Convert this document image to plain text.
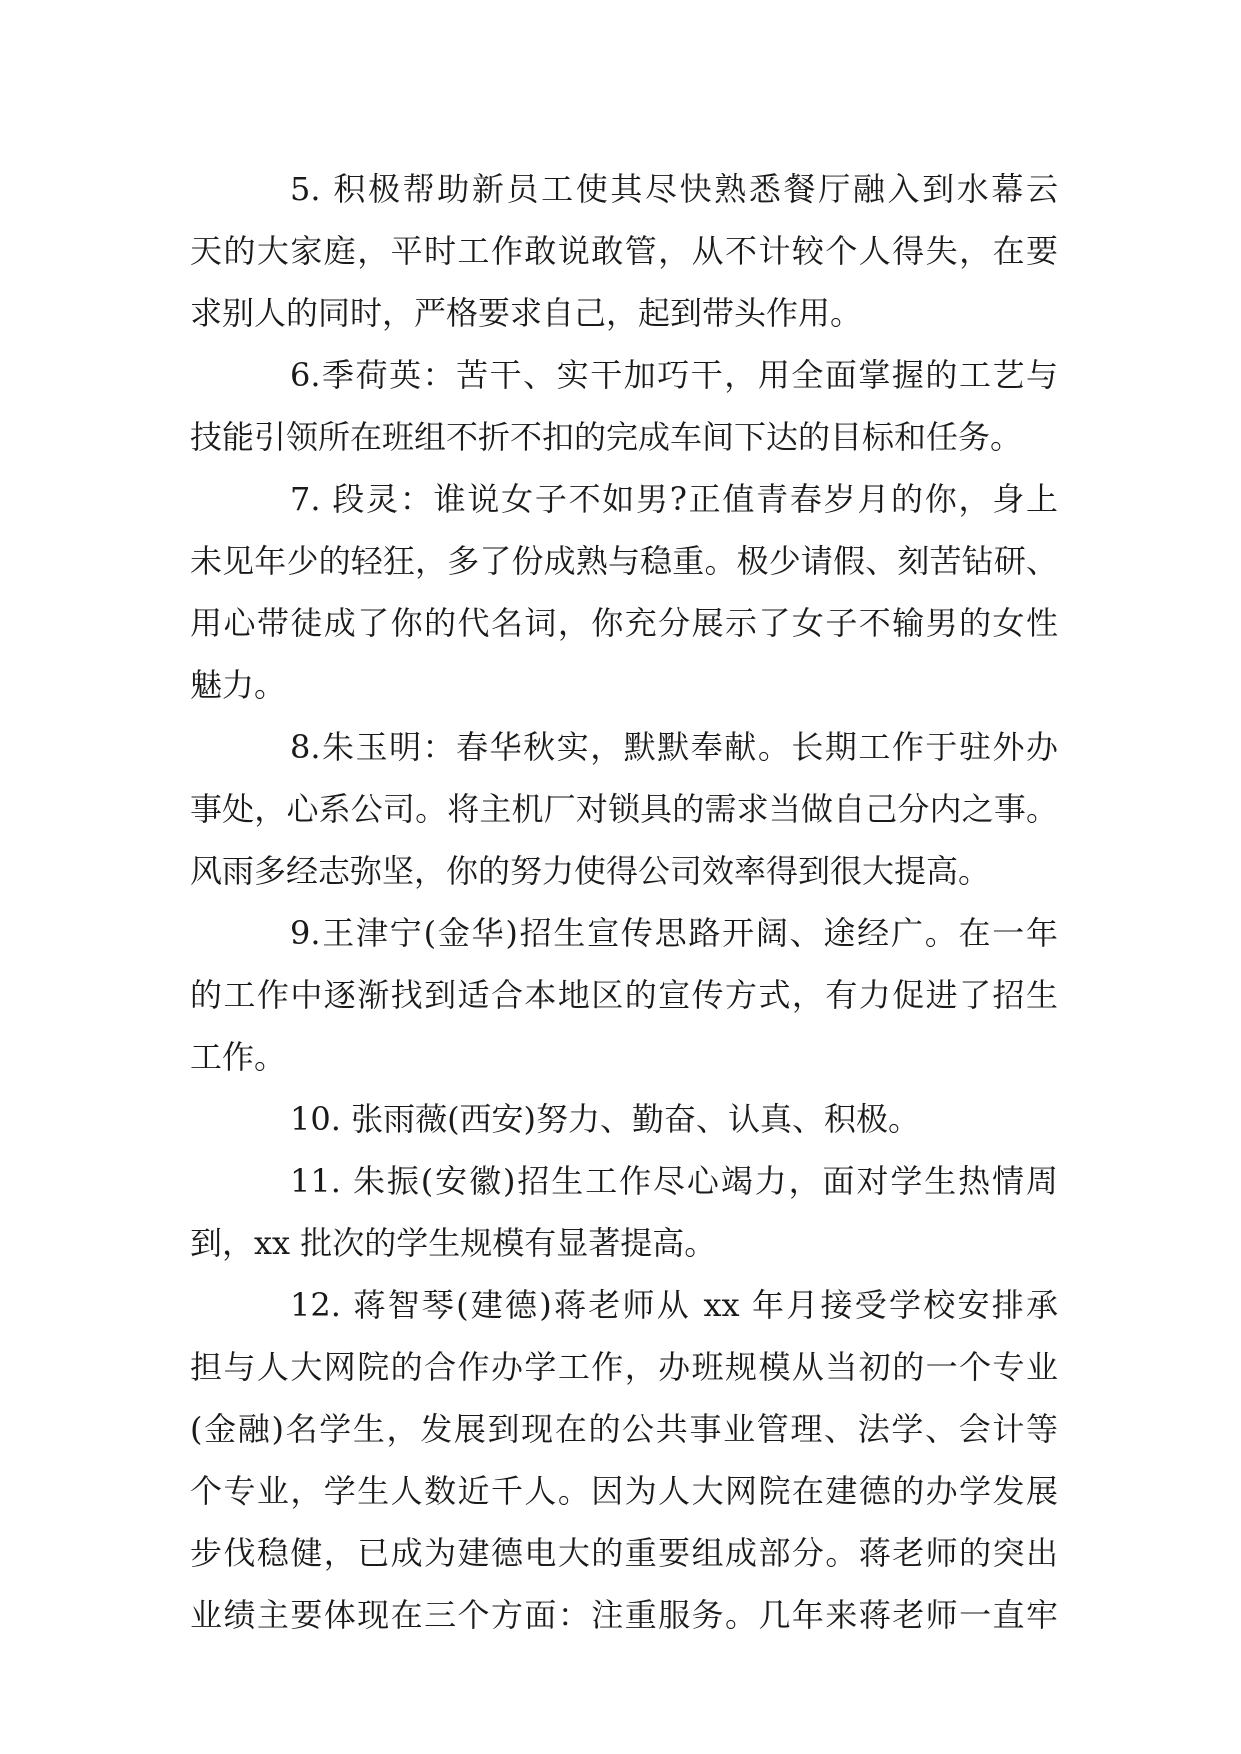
5. 积极帮助新员工使其尽快熟悉餐厅融入到水幕云
天的大家庭，平时工作敢说敢管，从不计较个人得失，在要
求别人的同时，严格要求自己，起到带头作用。
6.季荷英：苦干、实干加巧干，用全面掌握的工艺与
技能引领所在班组不折不扣的完成车间下达的目标和任务。
7. 段灵：谁说女子不如男?正值青春岁月的你，身上
未见年少的轻狂，多了份成熟与稳重。极少请假、刻苦钻研、
用心带徒成了你的代名词，你充分展示了女子不输男的女性
魅力。
8.朱玉明：春华秋实，默默奉献。长期工作于驻外办
事处，心系公司。将主机厂对锁具的需求当做自己分内之事。
风雨多经志弥坚，你的努力使得公司效率得到很大提高。
9.王津宁(金华)招生宣传思路开阔、途经广。在一年
的工作中逐渐找到适合本地区的宣传方式，有力促进了招生
工作。
10. 张雨薇(西安)努力、勤奋、认真、积极。
11. 朱振(安徽)招生工作尽心竭力，面对学生热情周
到，xx 批次的学生规模有显著提高。
12. 蒋智琴(建德)蒋老师从 xx 年月接受学校安排承
担与人大网院的合作办学工作，办班规模从当初的一个专业
(金融)名学生，发展到现在的公共事业管理、法学、会计等
个专业，学生人数近千人。因为人大网院在建德的办学发展
步伐稳健，已成为建德电大的重要组成部分。蒋老师的突出
业绩主要体现在三个方面：注重服务。几年来蒋老师一直牢
